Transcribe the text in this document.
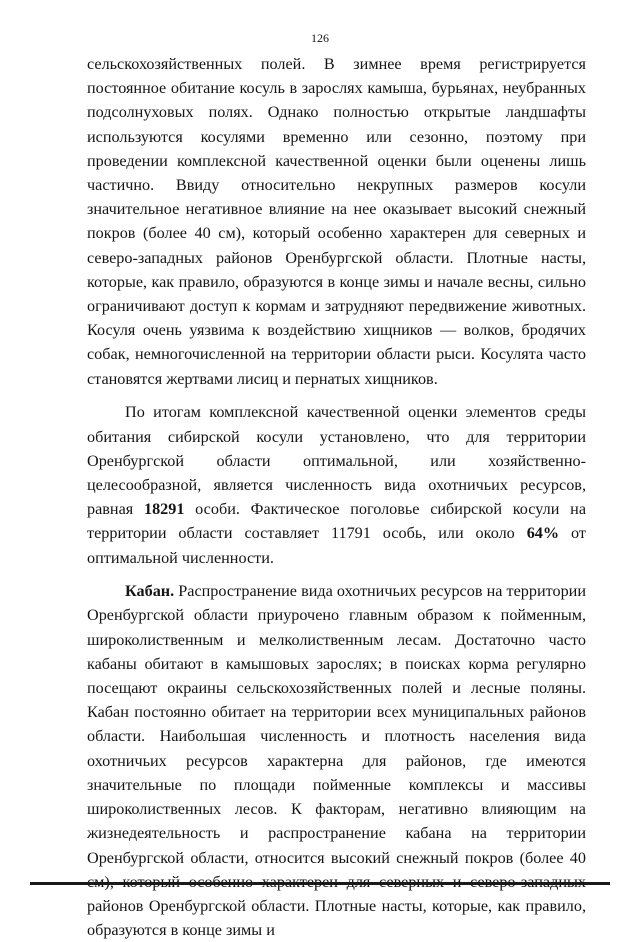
126

сельскохозяйственных полей. В зимнее время регистрируется постоянное обитание косуль в зарослях камыша, бурьянах, неубранных подсолнуховых полях. Однако полностью открытые ландшафты используются косулями временно или сезонно, поэтому при проведении комплексной качественной оценки были оценены лишь частично. Ввиду относительно некрупных размеров косули значительное негативное влияние на нее оказывает высокий снежный покров (более 40 см), который особенно характерен для северных и северо-западных районов Оренбургской области. Плотные насты, которые, как правило, образуются в конце зимы и начале весны, сильно ограничивают доступ к кормам и затрудняют передвижение животных. Косуля очень уязвима к воздействию хищников — волков, бродячих собак, немногочисленной на территории области рыси. Косулята часто становятся жертвами лисиц и пернатых хищников.

По итогам комплексной качественной оценки элементов среды обитания сибирской косули установлено, что для территории Оренбургской области оптимальной, или хозяйственно-целесообразной, является численность вида охотничьих ресурсов, равная 18291 особи. Фактическое поголовье сибирской косули на территории области составляет 11791 особь, или около 64% от оптимальной численности.

Кабан. Распространение вида охотничьих ресурсов на территории Оренбургской области приурочено главным образом к пойменным, широколиственным и мелколиственным лесам. Достаточно часто кабаны обитают в камышовых зарослях; в поисках корма регулярно посещают окраины сельскохозяйственных полей и лесные поляны. Кабан постоянно обитает на территории всех муниципальных районов области. Наибольшая численность и плотность населения вида охотничьих ресурсов характерна для районов, где имеются значительные по площади пойменные комплексы и массивы широколиственных лесов. К факторам, негативно влияющим на жизнедеятельность и распространение кабана на территории Оренбургской области, относится высокий снежный покров (более 40 см), который особенно характерен для северных и северо-западных районов Оренбургской области. Плотные насты, которые, как правило, образуются в конце зимы и
